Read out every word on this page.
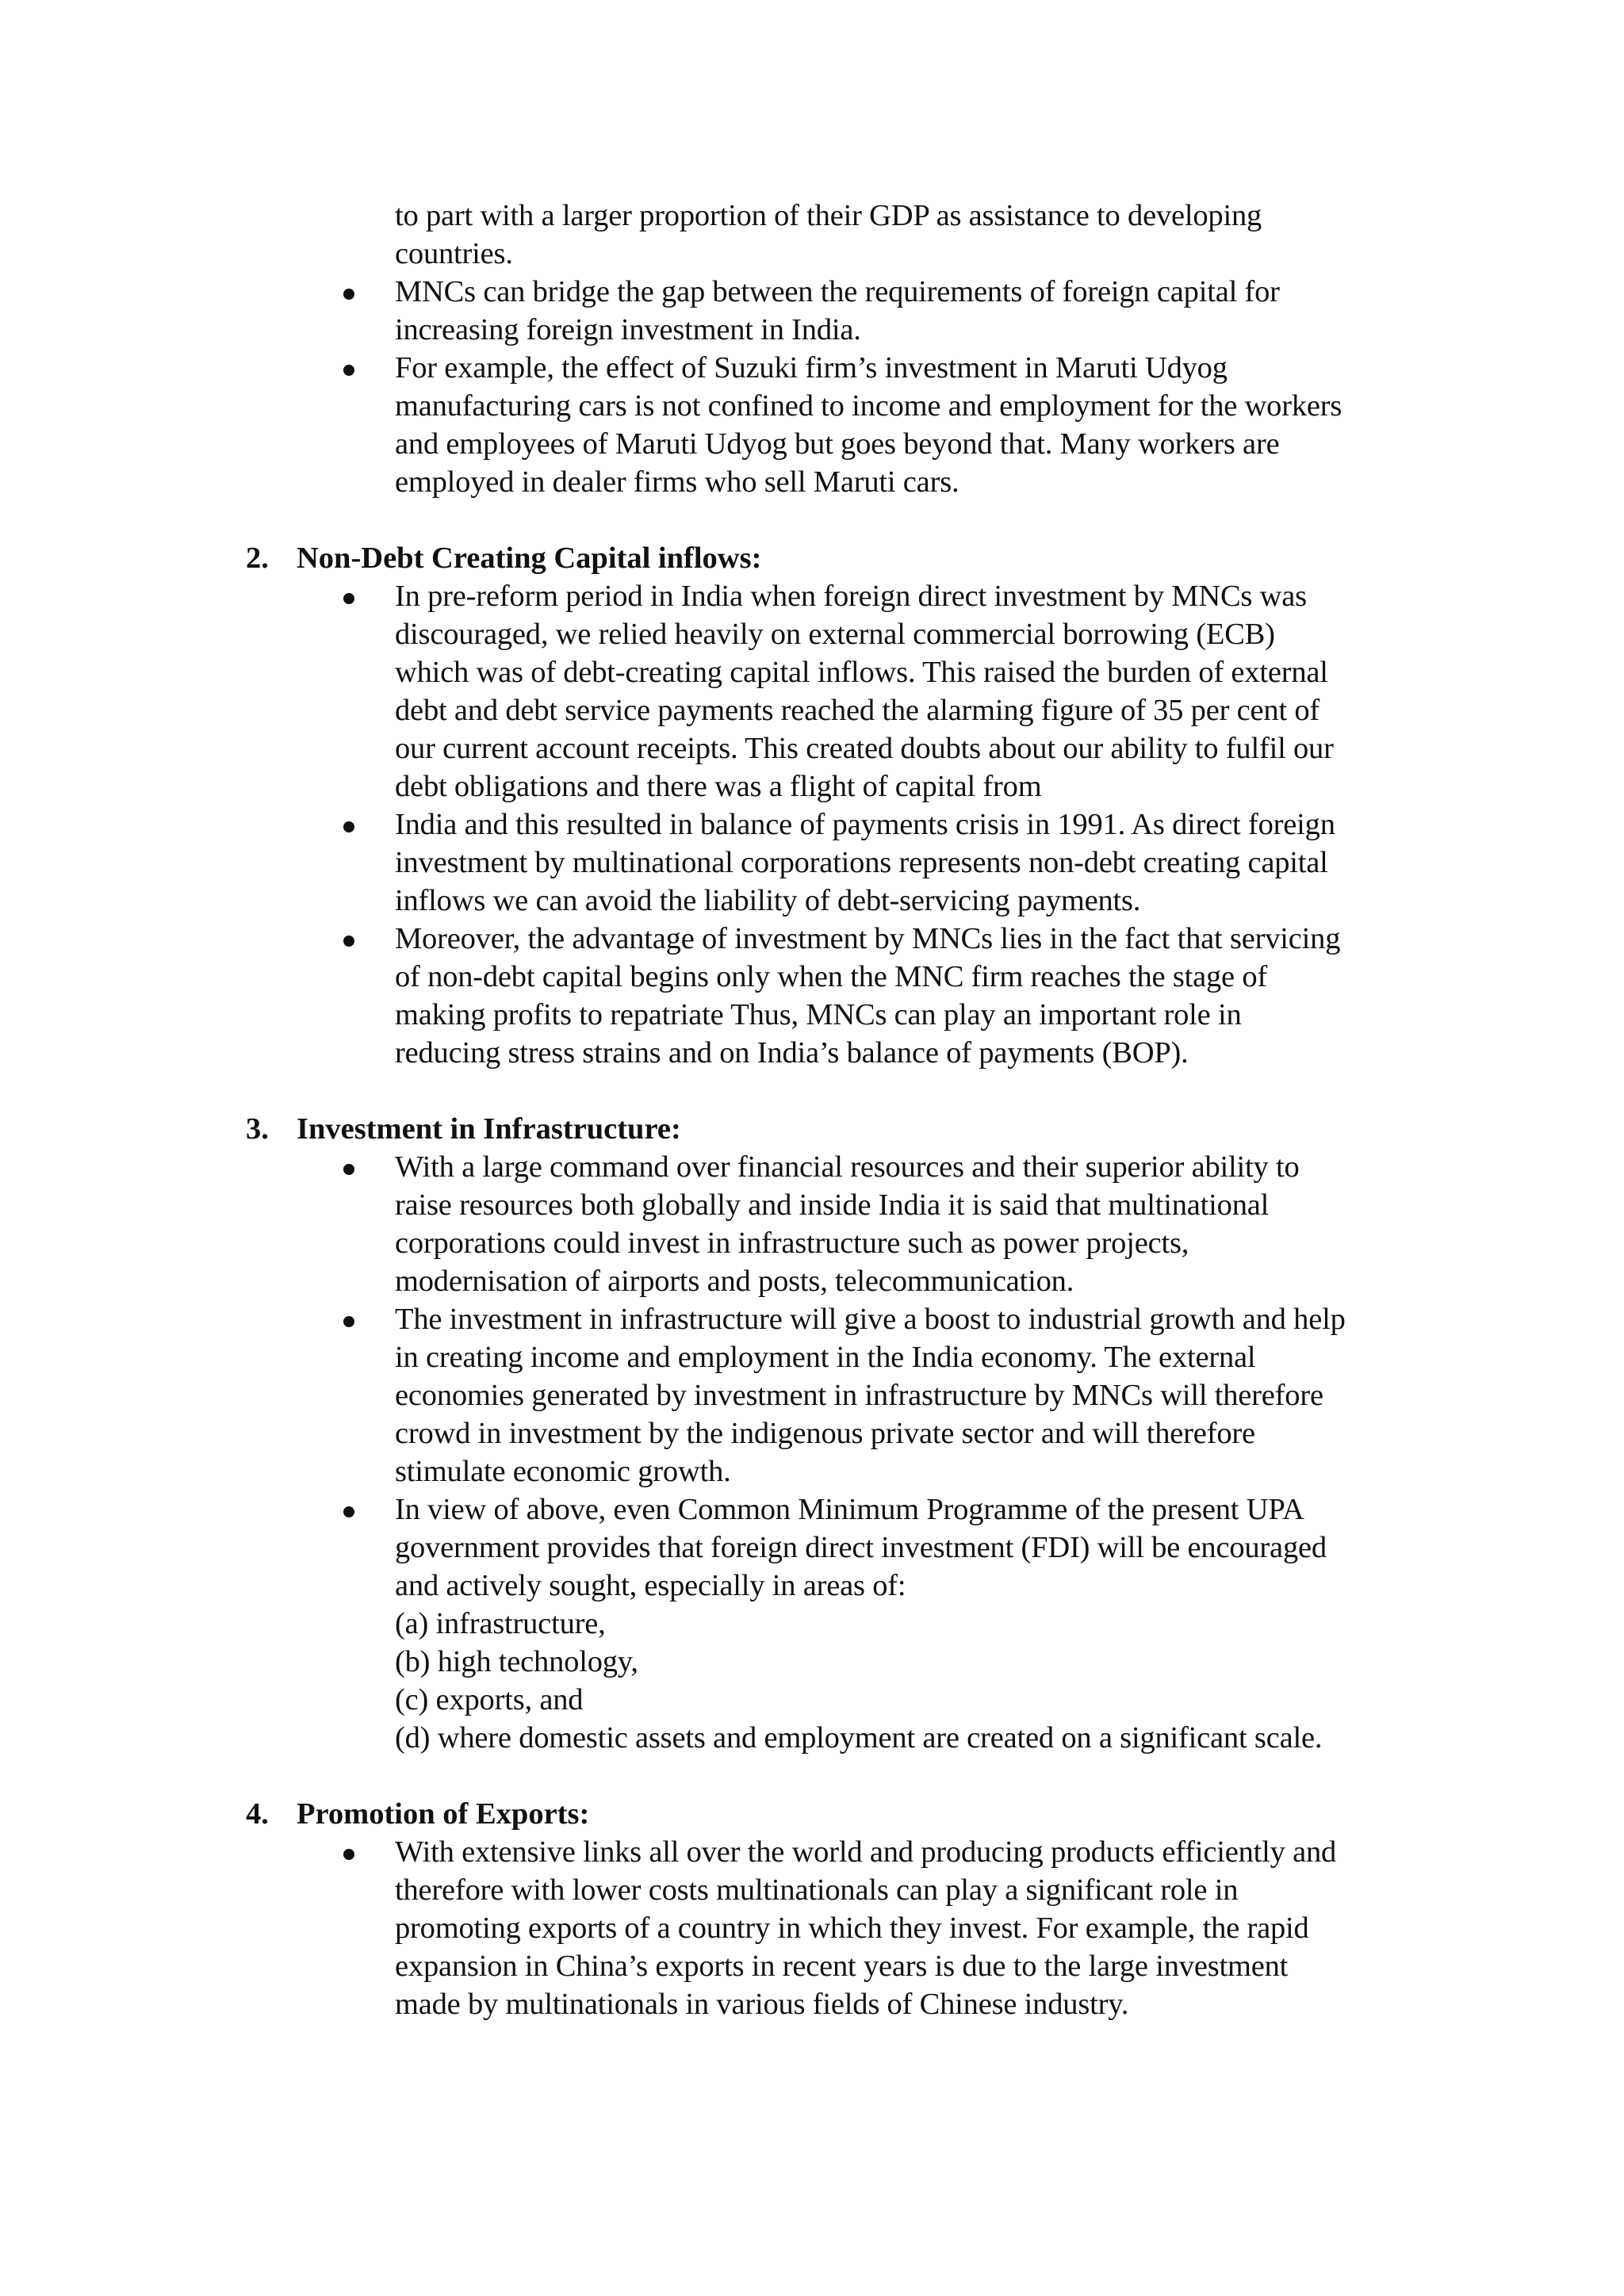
to part with a larger proportion of their GDP as assistance to developing
countries.
MNCs can bridge the gap between the requirements of foreign capital for
increasing foreign investment in India.
For example, the effect of Suzuki firm’s investment in Maruti Udyog
manufacturing cars is not confined to income and employment for the workers
and employees of Maruti Udyog but goes beyond that. Many workers are
employed in dealer firms who sell Maruti cars.
2. Non-Debt Creating Capital inflows:
In pre-reform period in India when foreign direct investment by MNCs was
discouraged, we relied heavily on external commercial borrowing (ECB)
which was of debt-creating capital inflows. This raised the burden of external
debt and debt service payments reached the alarming figure of 35 per cent of
our current account receipts. This created doubts about our ability to fulfil our
debt obligations and there was a flight of capital from
India and this resulted in balance of payments crisis in 1991. As direct foreign
investment by multinational corporations represents non-debt creating capital
inflows we can avoid the liability of debt-servicing payments.
Moreover, the advantage of investment by MNCs lies in the fact that servicing
of non-debt capital begins only when the MNC firm reaches the stage of
making profits to repatriate Thus, MNCs can play an important role in
reducing stress strains and on India’s balance of payments (BOP).
3. Investment in Infrastructure:
With a large command over financial resources and their superior ability to
raise resources both globally and inside India it is said that multinational
corporations could invest in infrastructure such as power projects,
modernisation of airports and posts, telecommunication.
The investment in infrastructure will give a boost to industrial growth and help
in creating income and employment in the India economy. The external
economies generated by investment in infrastructure by MNCs will therefore
crowd in investment by the indigenous private sector and will therefore
stimulate economic growth.
In view of above, even Common Minimum Programme of the present UPA
government provides that foreign direct investment (FDI) will be encouraged
and actively sought, especially in areas of:
(a) infrastructure,
(b) high technology,
(c) exports, and
(d) where domestic assets and employment are created on a significant scale.
4. Promotion of Exports:
With extensive links all over the world and producing products efficiently and
therefore with lower costs multinationals can play a significant role in
promoting exports of a country in which they invest. For example, the rapid
expansion in China’s exports in recent years is due to the large investment
made by multinationals in various fields of Chinese industry.
